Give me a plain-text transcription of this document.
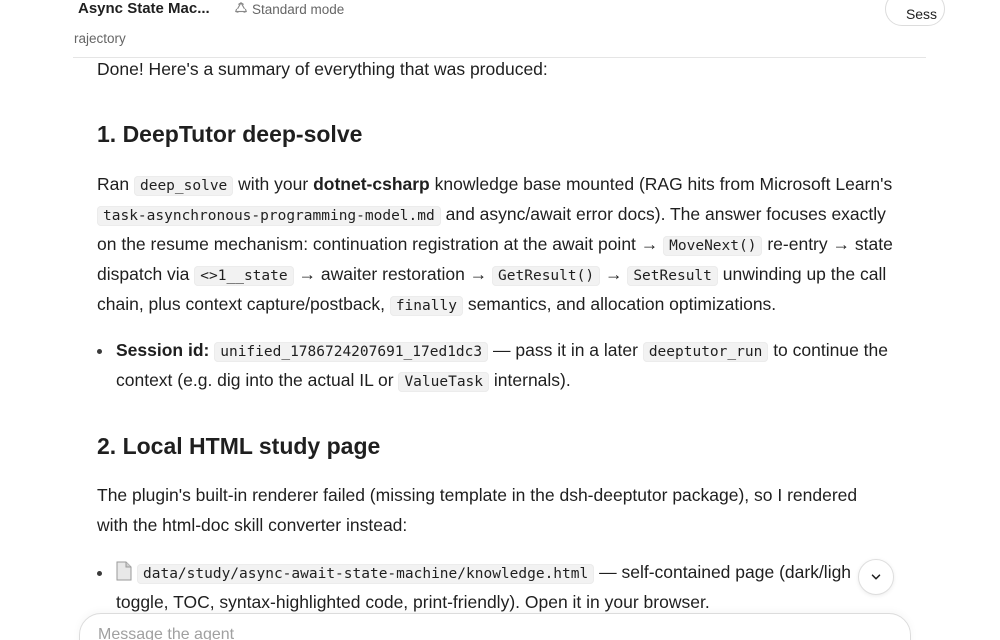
Async State Mac...	Standard mode
rajectory
Sess

Done! Here's a summary of everything that was produced:

1. DeepTutor deep-solve
Ran deep_solve with your dotnet-csharp knowledge base mounted (RAG hits from Microsoft Learn's
task-asynchronous-programming-model.md and async/await error docs). The answer focuses exactly
on the resume mechanism: continuation registration at the await point → MoveNext() re-entry → state
dispatch via <>1__state → awaiter restoration → GetResult() → SetResult unwinding up the call
chain, plus context capture/postback, finally semantics, and allocation optimizations.
Session id: unified_1786724207691_17ed1dc3 — pass it in a later deeptutor_run to continue the
context (e.g. dig into the actual IL or ValueTask internals).
2. Local HTML study page
The plugin's built-in renderer failed (missing template in the dsh-deeptutor package), so I rendered
with the html-doc skill converter instead:
data/study/async-await-state-machine/knowledge.html — self-contained page (dark/ligh
toggle, TOC, syntax-highlighted code, print-friendly). Open it in your browser.
Message the agent
